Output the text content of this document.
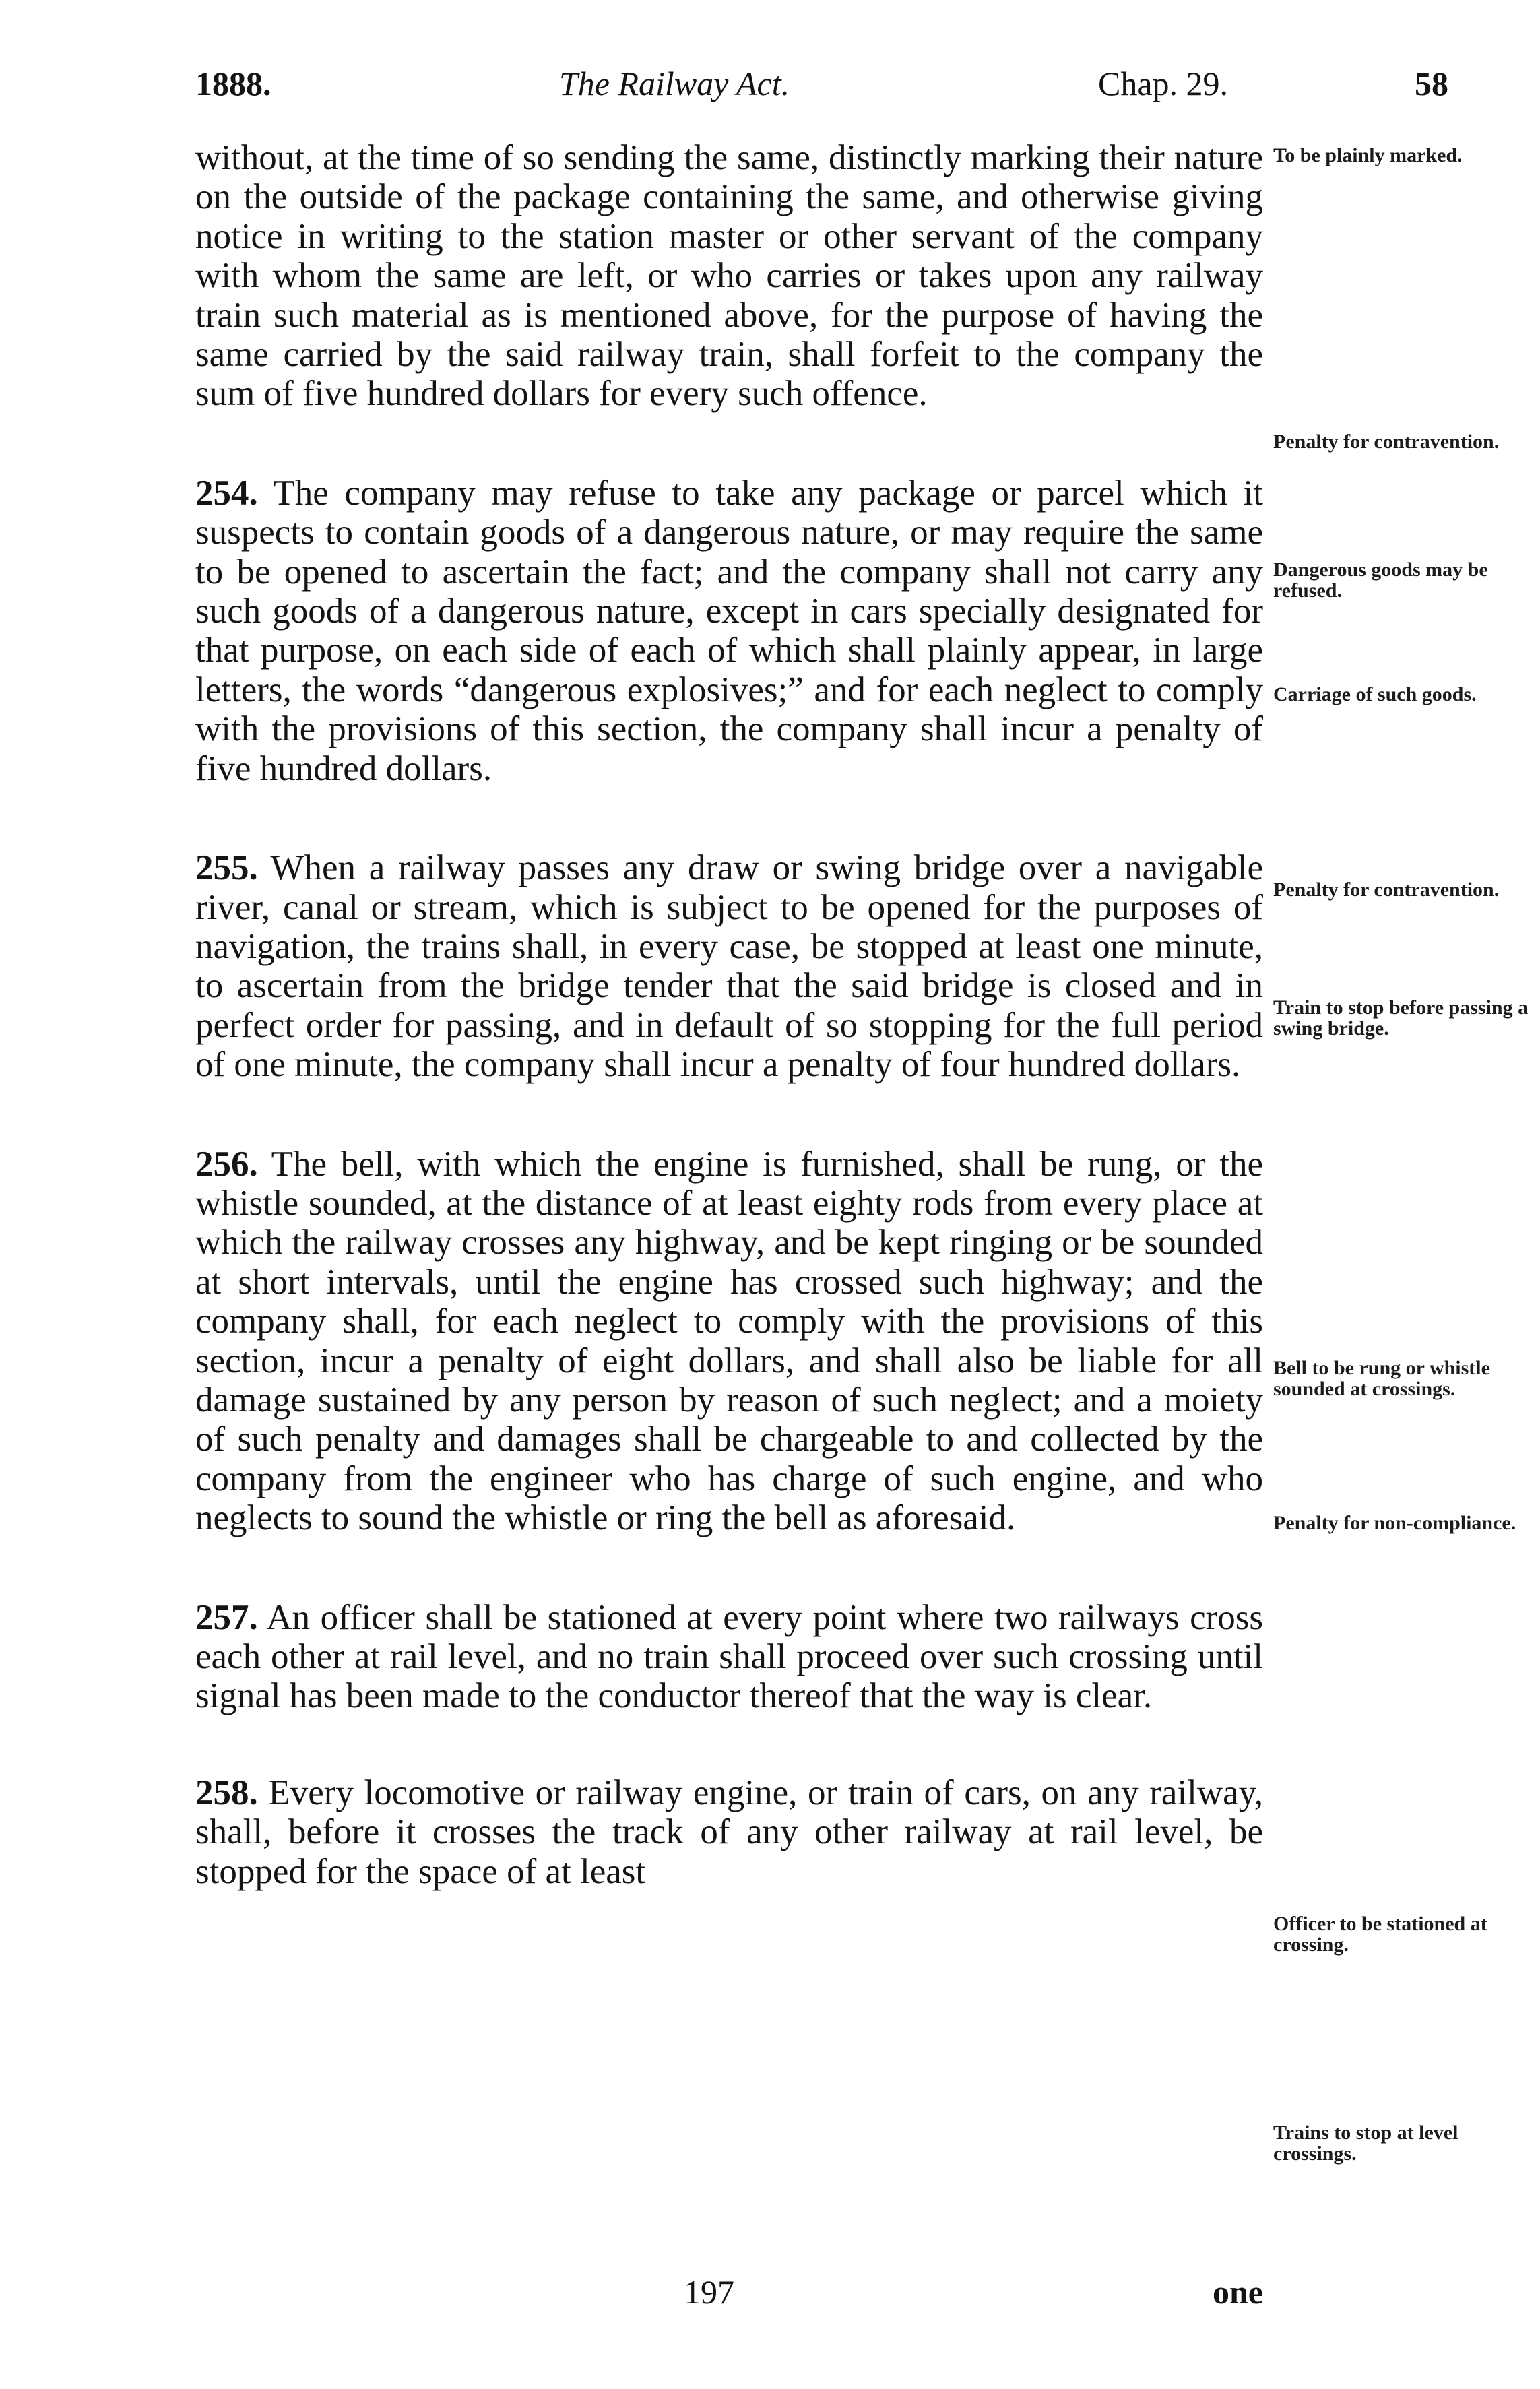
1888.	The Railway Act.	Chap. 29.	58

without, at the time of so sending the same, distinctly marking their nature on the outside of the package containing the same, and otherwise giving notice in writing to the station master or other servant of the company with whom the same are left, or who carries or takes upon any railway train such material as is mentioned above, for the purpose of having the same carried by the said railway train, shall forfeit to the company the sum of five hundred dollars for every such offence.

254. The company may refuse to take any package or parcel which it suspects to contain goods of a dangerous nature, or may require the same to be opened to ascertain the fact; and the company shall not carry any such goods of a dangerous nature, except in cars specially designated for that purpose, on each side of each of which shall plainly appear, in large letters, the words “dangerous explosives;” and for each neglect to comply with the provisions of this section, the company shall incur a penalty of five hundred dollars.

255. When a railway passes any draw or swing bridge over a navigable river, canal or stream, which is subject to be opened for the purposes of navigation, the trains shall, in every case, be stopped at least one minute, to ascertain from the bridge tender that the said bridge is closed and in perfect order for passing, and in default of so stopping for the full period of one minute, the company shall incur a penalty of four hundred dollars.

256. The bell, with which the engine is furnished, shall be rung, or the whistle sounded, at the distance of at least eighty rods from every place at which the railway crosses any highway, and be kept ringing or be sounded at short intervals, until the engine has crossed such highway; and the company shall, for each neglect to comply with the provisions of this section, incur a penalty of eight dollars, and shall also be liable for all damage sustained by any person by reason of such neglect; and a moiety of such penalty and damages shall be chargeable to and collected by the company from the engineer who has charge of such engine, and who neglects to sound the whistle or ring the bell as aforesaid.

257. An officer shall be stationed at every point where two railways cross each other at rail level, and no train shall proceed over such crossing until signal has been made to the conductor thereof that the way is clear.

258. Every locomotive or railway engine, or train of cars, on any railway, shall, before it crosses the track of any other railway at rail level, be stopped for the space of at least

To be plainly marked.
Penalty for contravention.
Dangerous goods may be refused.
Carriage of such goods.
Penalty for contravention.
Train to stop before passing a swing bridge.
Bell to be rung or whistle sounded at crossings.
Penalty for non-compliance.
Officer to be stationed at crossing.
Trains to stop at level crossings.
197	one
